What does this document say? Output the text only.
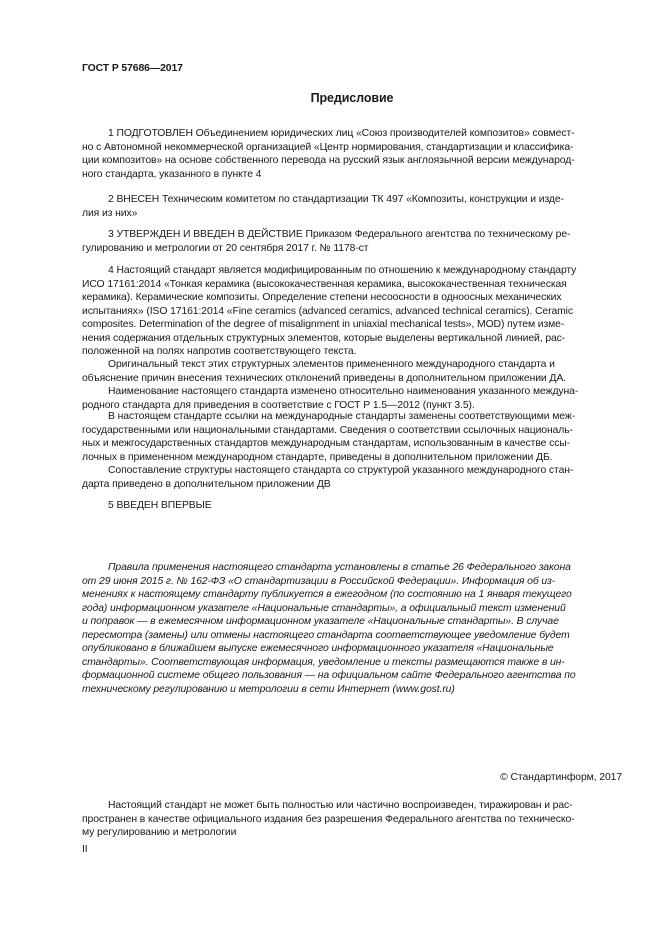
ГОСТ Р 57686—2017
Предисловие
1 ПОДГОТОВЛЕН Объединением юридических лиц «Союз производителей композитов» совмест-
но с Автономной некоммерческой организацией «Центр нормирования, стандартизации и классифика-
ции композитов» на основе собственного перевода на русский язык англоязычной версии междунаpод-
ного стандарта, указанного в пункте 4
2 ВНЕСЕН Техническим комитетом по стандартизации ТК 497 «Композиты, конструкции и изде-
лия из них»
3 УТВЕРЖДЕН И ВВЕДЕН В ДЕЙСТВИЕ Приказом Федерального агентства по техническому ре-
гулированию и метрологии от 20 сентября 2017 г. № 1178-ст
4 Настоящий стандарт является модифицированным по отношению к международному стандарту
ИСО 17161:2014 «Тонкая керамика (высококачественная керамика, высококачественная техническая
керамика). Керамические композиты. Определение степени несоосности в одноосных механических
испытаниях» (ISO 17161:2014 «Fine ceramics (advanced ceramics, advanced technical ceramics). Ceramic
composites. Determination of the degree of misalignment in uniaxial mechanical tests», MOD) путем изме-
нения содержания отдельных структурных элементов, которые выделены вертикальной линией, рас-
положенной на полях напротив соответствующего текста.
Оригинальный текст этих структурных элементов примененного международного стандарта и
объяснение причин внесения технических отклонений приведены в дополнительном приложении ДА.
Наименование настоящего стандарта изменено относительно наименования указанного междуна-
родного стандарта для приведения в соответствие с ГОСТ Р 1.5—2012 (пункт 3.5).
В настоящем стандарте ссылки на международные стандарты заменены соответствующими меж-
государственными или национальными стандартами. Сведения о соответствии ссылочных националь-
ных и межгосударственных стандартов международным стандартам, использованным в качестве ссы-
лочных в примененном международном стандарте, приведены в дополнительном приложении ДБ.
Сопоставление структуры настоящего стандарта со структурой указанного международного стан-
дарта приведено в дополнительном приложении ДВ
5 ВВЕДЕН ВПЕРВЫЕ
Правила применения настоящего стандарта установлены в статье 26 Федерального закона
от 29 июня 2015 г. № 162-ФЗ «О стандартизации в Российской Федерации». Информация об из-
менениях к настоящему стандарту публикуется в ежегодном (по состоянию на 1 января текущего
года) информационном указателе «Национальные стандарты», а официальный текст изменений
и поправок — в ежемесячном информационном указателе «Национальные стандарты». В случае
пересмотра (замены) или отмены настоящего стандарта соответствующее уведомление будет
опубликовано в ближайшем выпуске ежемесячного информационного указателя «Национальные
стандарты». Соответствующая информация, уведомление и тексты размещаются также в ин-
формационной системе общего пользования — на официальном сайте Федерального агентства по
техническому регулированию и метрологии в сети Интернет (www.gost.ru)
© Стандартинформ, 2017
Настоящий стандарт не может быть полностью или частично воспроизведен, тиражирован и рас-
пространен в качестве официального издания без разрешения Федерального агентства по техническо-
му регулированию и метрологии
II
